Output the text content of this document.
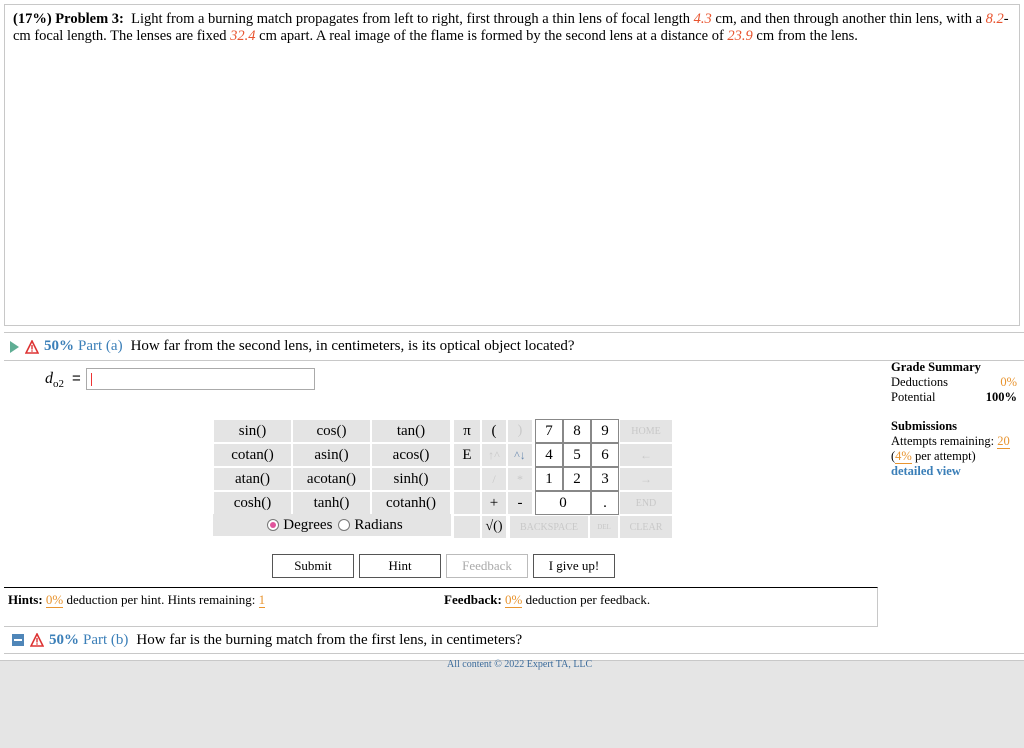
(17%) Problem 3: Light from a burning match propagates from left to right, first through a thin lens of focal length 4.3 cm, and then through another thin lens, with a 8.2-cm focal length. The lenses are fixed 32.4 cm apart. A real image of the flame is formed by the second lens at a distance of 23.9 cm from the lens.
50% Part (a) How far from the second lens, in centimeters, is its optical object located?
$d_{o2}$ =
sin()	cos()	tan()
cotan()	asin()	acos()
atan()	acotan()	sinh()
cosh()	tanh()	cotanh()
Degrees Radians
π	(	)
E	↑^	^↓
/	*
+	-
√()
7	8	9
4	5	6
1	2	3
0	.
BACKSPACE	DEL
HOME
←
→
END
CLEAR
Submit	Hint	Feedback	I give up!
Hints: 0% deduction per hint. Hints remaining: 1	Feedback: 0% deduction per feedback.
Grade Summary
Deductions	0%
Potential	100%
Submissions
Attempts remaining: 20
(4% per attempt)
detailed view
50% Part (b) How far is the burning match from the first lens, in centimeters?
All content © 2022 Expert TA, LLC
